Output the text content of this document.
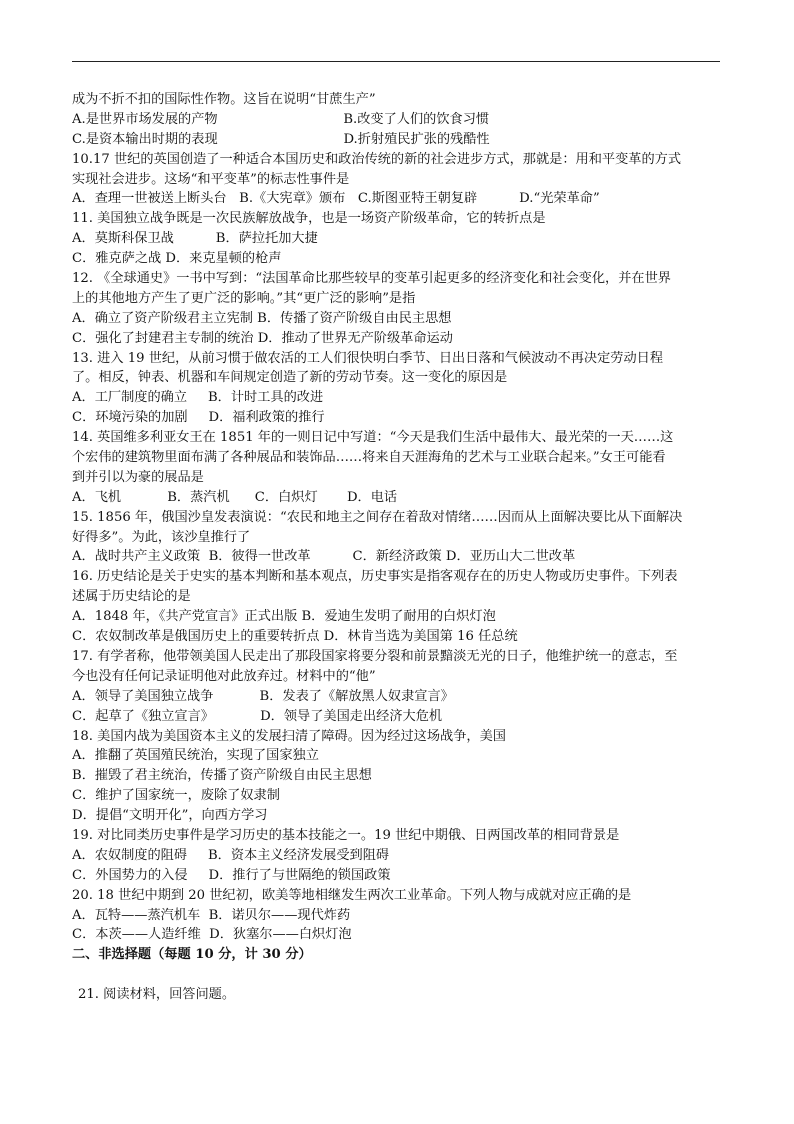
成为不折不扣的国际性作物。这旨在说明“甘蔗生产”
A.是世界市场发展的产物                              B.改变了人们的饮食习惯
C.是资本输出时期的表现                              D.折射殖民扩张的残酷性
10.17 世纪的英国创造了一种适合本国历史和政治传统的新的社会进步方式，那就是：用和平变革的方式
实现社会进步。这场“和平变革”的标志性事件是
A．查理一世被送上断头台   B.《大宪章》颁布   C.斯图亚特王朝复辟          D.“光荣革命”
11. 美国独立战争既是一次民族解放战争，也是一场资产阶级革命，它的转折点是
A．莫斯科保卫战          B．萨拉托加大捷
C．雅克萨之战 D．来克星顿的枪声
12. 《全球通史》一书中写到：“法国革命比那些较早的变革引起更多的经济变化和社会变化，并在世界
上的其他地方产生了更广泛的影响。”其“更广泛的影响”是指
A．确立了资产阶级君主立宪制 B．传播了资产阶级自由民主思想
C．强化了封建君主专制的统治 D．推动了世界无产阶级革命运动
13. 进入 19 世纪，从前习惯于做农活的工人们很快明白季节、日出日落和气候波动不再决定劳动日程
了。相反，钟表、机器和车间规定创造了新的劳动节奏。这一变化的原因是
A．工厂制度的确立     B．计时工具的改进
C．环境污染的加剧     D．福利政策的推行
14. 英国维多利亚女王在 1851 年的一则日记中写道：“今天是我们生活中最伟大、最光荣的一天……这
个宏伟的建筑物里面布满了各种展品和装饰品……将来自天涯海角的艺术与工业联合起来。”女王可能看
到并引以为豪的展品是
A．飞机           B．蒸汽机      C．白炽灯       D．电话
15. 1856 年，俄国沙皇发表演说：“农民和地主之间存在着敌对情绪……因而从上面解决要比从下面解决
好得多”。为此，该沙皇推行了
A．战时共产主义政策  B．彼得一世改革          C．新经济政策 D．亚历山大二世改革
16. 历史结论是关于史实的基本判断和基本观点，历史事实是指客观存在的历史人物或历史事件。下列表
述属于历史结论的是
A．1848 年，《共产党宣言》正式出版 B．爱迪生发明了耐用的白炽灯泡
C．农奴制改革是俄国历史上的重要转折点 D．林肯当选为美国第 16 任总统
17. 有学者称，他带领美国人民走出了那段国家将要分裂和前景黯淡无光的日子，他维护统一的意志，至
今也没有任何记录证明他对此放弃过。材料中的“他”
A．领导了美国独立战争           B．发表了《解放黑人奴隶宣言》
C．起草了《独立宣言》           D．领导了美国走出经济大危机
18. 美国内战为美国资本主义的发展扫清了障碍。因为经过这场战争，美国
A．推翻了英国殖民统治，实现了国家独立
B．摧毁了君主统治，传播了资产阶级自由民主思想
C．维护了国家统一，废除了奴隶制
D．提倡“文明开化”，向西方学习
19. 对比同类历史事件是学习历史的基本技能之一。19 世纪中期俄、日两国改革的相同背景是
A．农奴制度的阻碍     B．资本主义经济发展受到阻碍
C．外国势力的入侵     D．推行了与世隔绝的锁国政策
20. 18 世纪中期到 20 世纪初，欧美等地相继发生两次工业革命。下列人物与成就对应正确的是
A．瓦特——蒸汽机车  B．诺贝尔——现代炸药
C．本茨——人造纤维  D．狄塞尔——白炽灯泡
二、非选择题（每题 10 分，计 30 分）
21. 阅读材料，回答问题。
